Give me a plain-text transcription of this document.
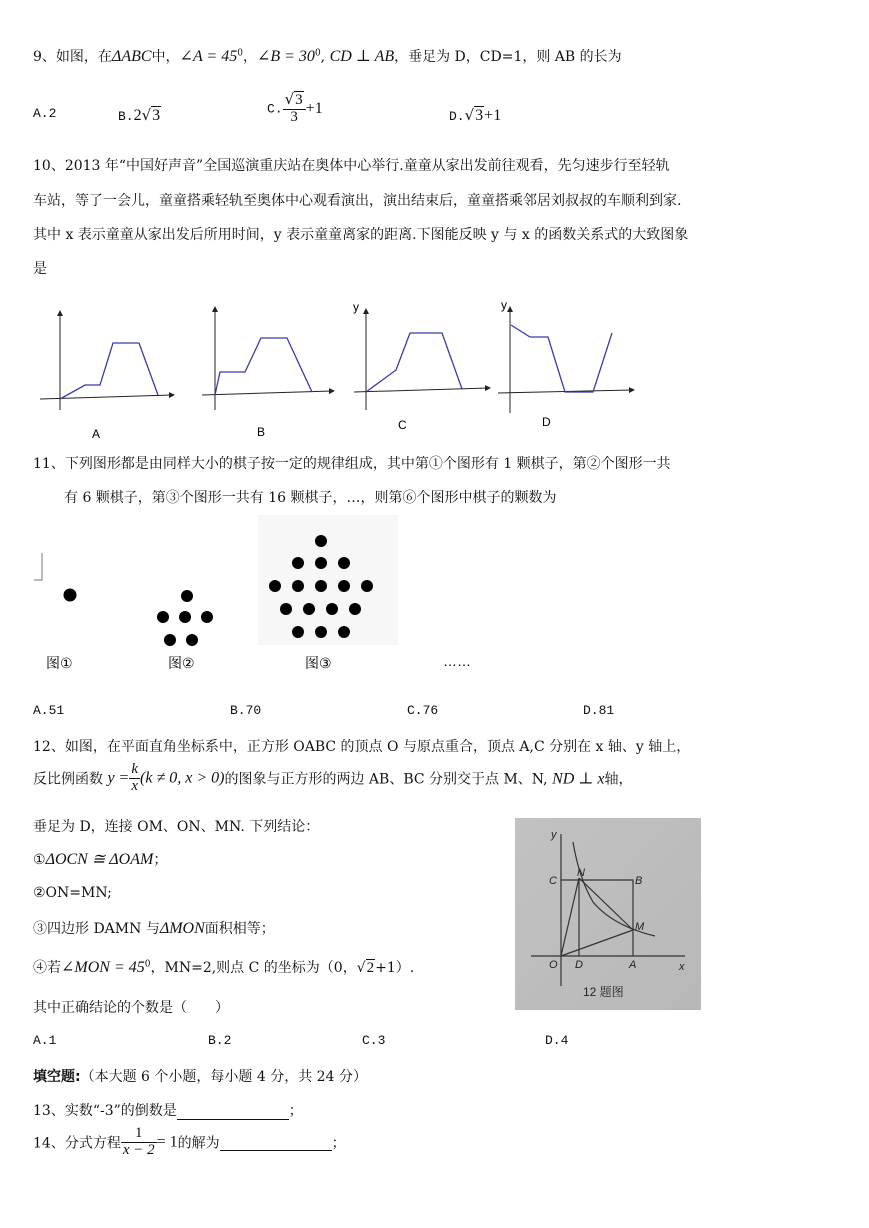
9、如图，在ΔABC中，∠A = $45^0$，∠B = $30^0$, CD ⊥ AB，垂足为 D，CD=1，则 AB 的长为
A.2	B.2√3	C. $\frac{√3}{3} +1$	D.√3+1
10、2013 年“中国好声音”全国巡演重庆站在奥体中心举行.童童从家出发前往观看，先匀速步行至轻轨
车站，等了一会儿，童童搭乘轻轨至奥体中心观看演出，演出结束后，童童搭乘邻居刘叔叔的车顺利到家.
其中 x 表示童童从家出发后所用时间，y 表示童童离家的距离.下图能反映 y 与 x 的函数关系式的大致图象
是
A	B
y
C
y
D
11、下列图形都是由同样大小的棋子按一定的规律组成，其中第①个图形有 1 颗棋子，第②个图形一共
有 6 颗棋子，第③个图形一共有 16 颗棋子，…，则第⑥个图形中棋子的颗数为
图①	图②	图③	……
A.51	B.70	C.76	D.81
12、如图，在平面直角坐标系中，正方形 OABC 的顶点 O 与原点重合，顶点 A,C 分别在 x 轴、y 轴上，
反比例函数 $y = \frac{k}{x} (k \ne 0$, x > 0)的图象与正方形的两边 AB、BC 分别交于点 M、N, ND ⊥ x轴，
垂足为 D，连接 OM、ON、MN. 下列结论：
①ΔOCN ≅ ΔOAM；
②ON=MN;
③四边形 DAMN 与ΔMON面积相等；
④若∠MON = $45^0$，MN=2,则点 C 的坐标为（0，√2+1）.
其中正确结论的个数是（　　）
A.1	B.2	C.3	D.4
y
x
C
N
B
M
O D	A
12 题图
填空题:（本大题 6 个小题，每小题 4 分，共 24 分）
13、实数“-3”的倒数是	；
14、分式方程 $\frac{1}{x - 2} = 1$的解为	；
